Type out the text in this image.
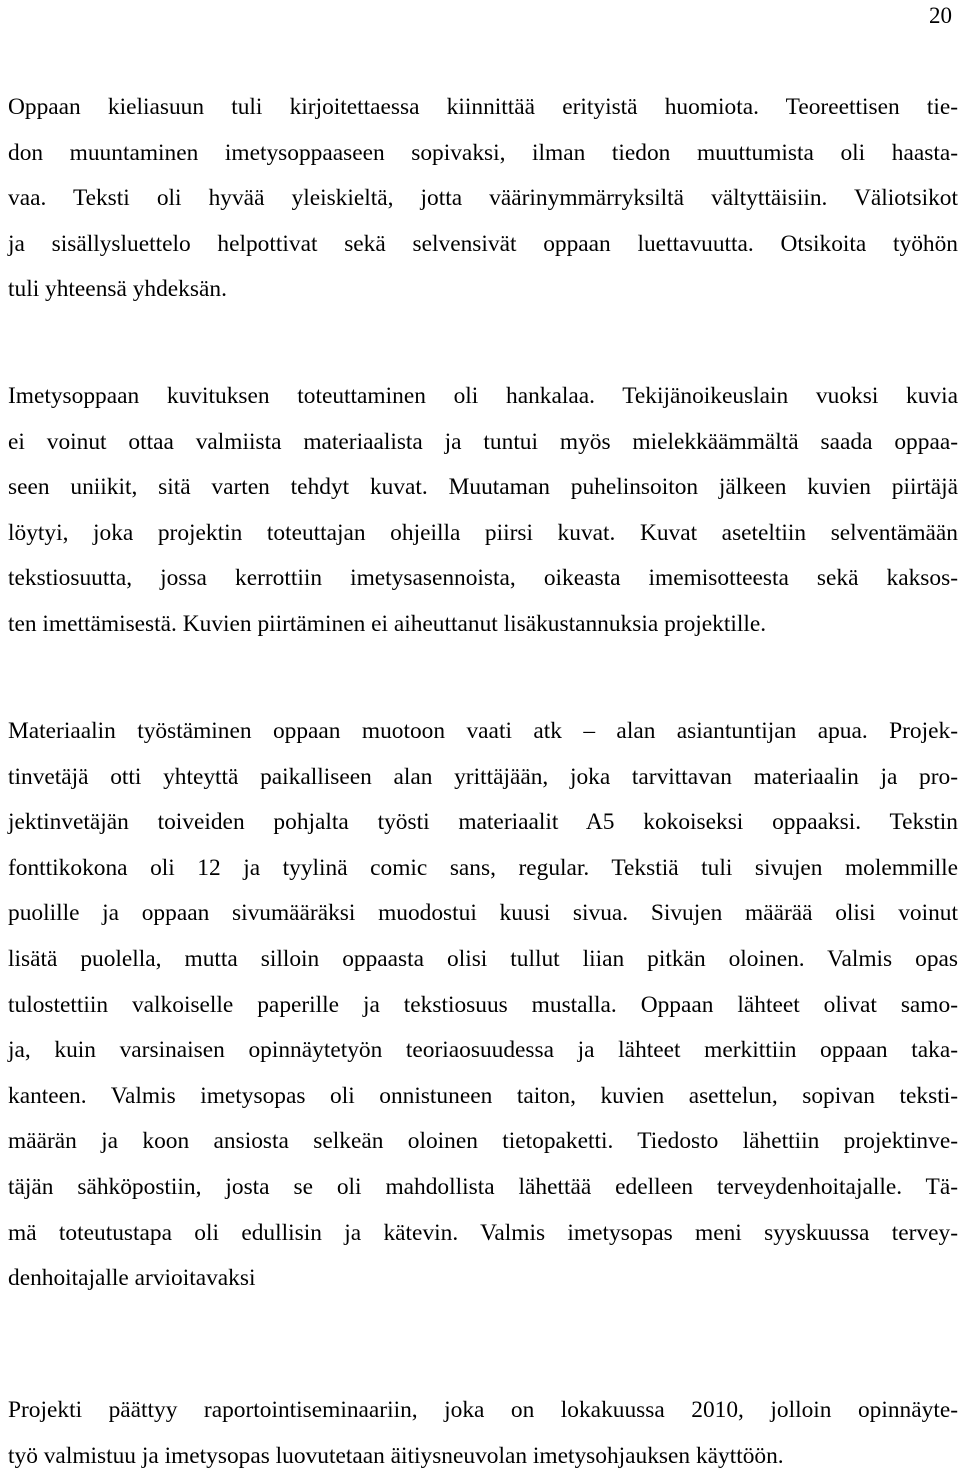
20
Oppaan kieliasuun tuli kirjoitettaessa kiinnittää erityistä huomiota. Teoreettisen tie-
don muuntaminen imetysoppaaseen sopivaksi, ilman tiedon muuttumista oli haasta-
vaa. Teksti oli hyvää yleiskieltä, jotta väärinymmärryksiltä vältyttäisiin. Väliotsikot
ja sisällysluettelo helpottivat sekä selvensivät oppaan luettavuutta. Otsikoita työhön
tuli yhteensä yhdeksän.
Imetysoppaan kuvituksen toteuttaminen oli hankalaa. Tekijänoikeuslain vuoksi kuvia
ei voinut ottaa valmiista materiaalista ja tuntui myös mielekkäämmältä saada oppaa-
seen uniikit, sitä varten tehdyt kuvat. Muutaman puhelinsoiton jälkeen kuvien piirtäjä
löytyi, joka projektin toteuttajan ohjeilla piirsi kuvat. Kuvat aseteltiin selventämään
tekstiosuutta, jossa kerrottiin imetysasennoista, oikeasta imemisotteesta sekä kaksos-
ten imettämisestä. Kuvien piirtäminen ei aiheuttanut lisäkustannuksia projektille.
Materiaalin työstäminen oppaan muotoon vaati atk – alan asiantuntijan apua. Projek-
tinvetäjä otti yhteyttä paikalliseen alan yrittäjään, joka tarvittavan materiaalin ja pro-
jektinvetäjän toiveiden pohjalta työsti materiaalit A5 kokoiseksi oppaaksi. Tekstin
fonttikokona oli 12 ja tyylinä comic sans, regular. Tekstiä tuli sivujen molemmille
puolille ja oppaan sivumääräksi muodostui kuusi sivua. Sivujen määrää olisi voinut
lisätä puolella, mutta silloin oppaasta olisi tullut liian pitkän oloinen. Valmis opas
tulostettiin valkoiselle paperille ja tekstiosuus mustalla. Oppaan lähteet olivat samo-
ja, kuin varsinaisen opinnäytetyön teoriaosuudessa ja lähteet merkittiin oppaan taka-
kanteen. Valmis imetysopas oli onnistuneen taiton, kuvien asettelun, sopivan teksti-
määrän ja koon ansiosta selkeän oloinen tietopaketti. Tiedosto lähettiin projektinve-
täjän sähköpostiin, josta se oli mahdollista lähettää edelleen terveydenhoitajalle. Tä-
mä toteutustapa oli edullisin ja kätevin. Valmis imetysopas meni syyskuussa tervey-
denhoitajalle arvioitavaksi
Projekti päättyy raportointiseminaariin, joka on lokakuussa 2010, jolloin opinnäyte-
työ valmistuu ja imetysopas luovutetaan äitiysneuvolan imetysohjauksen käyttöön.
